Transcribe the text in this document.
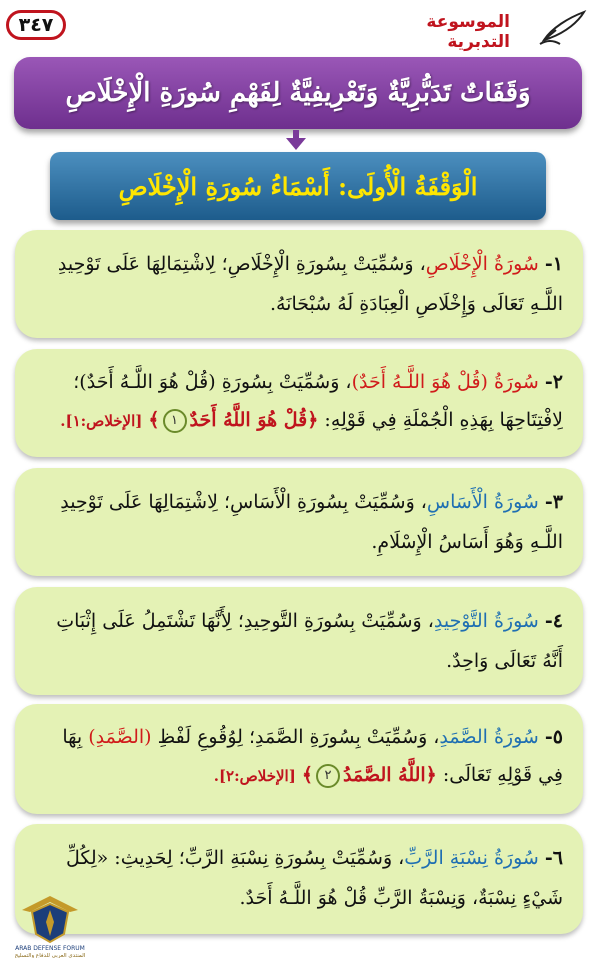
٣٤٧	الموسوعة التدبرية
وَقَفَاتٌ تَدَبُّرِيَّةٌ وَتَعْرِيفِيَّةٌ لِفَهْمِ سُورَةِ الْإِخْلَاصِ
الْوَقْفَةُ الْأُولَى: أَسْمَاءُ سُورَةِ الْإِخْلَاصِ
١- سُورَةُ الْإِخْلَاصِ، وَسُمِّيَتْ بِسُورَةِ الْإِخْلَاصِ؛ لِاشْتِمَالِهَا عَلَى تَوْحِيدِ اللَّـهِ تَعَالَى وَإِخْلَاصِ الْعِبَادَةِ لَهُ سُبْحَانَهُ.
٢- سُورَةُ (قُلْ هُوَ اللَّـهُ أَحَدٌ)، وَسُمِّيَتْ بِسُورَةِ (قُلْ هُوَ اللَّـهُ أَحَدٌ)؛ لِافْتِتَاحِهَا بِهَذِهِ الْجُمْلَةِ فِي قَوْلِهِ: ﴿قُلْ هُوَ اللَّهُ أَحَدٌ١﴾ [الإخلاص:١].
٣- سُورَةُ الْأَسَاسِ، وَسُمِّيَتْ بِسُورَةِ الْأَسَاسِ؛ لِاشْتِمَالِهَا عَلَى تَوْحِيدِ اللَّـهِ وَهُوَ أَسَاسُ الْإِسْلَامِ.
٤- سُورَةُ التَّوْحِيدِ، وَسُمِّيَتْ بِسُورَةِ التَّوحِيدِ؛ لِأَنَّهَا تَشْتَمِلُ عَلَى إِثْبَاتِ أَنَّهُ تَعَالَى وَاحِدٌ.
٥- سُورَةُ الصَّمَدِ، وَسُمِّيَتْ بِسُورَةِ الصَّمَدِ؛ لِوُقُوعِ لَفْظِ (الصَّمَدِ) بِهَا فِي قَوْلِهِ تَعَالَى: ﴿اللَّهُ الصَّمَدُ٢﴾ [الإخلاص:٢].
٦- سُورَةُ نِسْبَةِ الرَّبِّ، وَسُمِّيَتْ بِسُورَةِ نِسْبَةِ الرَّبِّ؛ لِحَدِيثِ: «لِكُلِّ شَيْءٍ نِسْبَةٌ، وَنِسْبَةُ الرَّبِّ قُلْ هُوَ اللَّـهُ أَحَدٌ.
ARAB DEFENSE FORUM
المنتدى العربي للدفاع والتسليح
